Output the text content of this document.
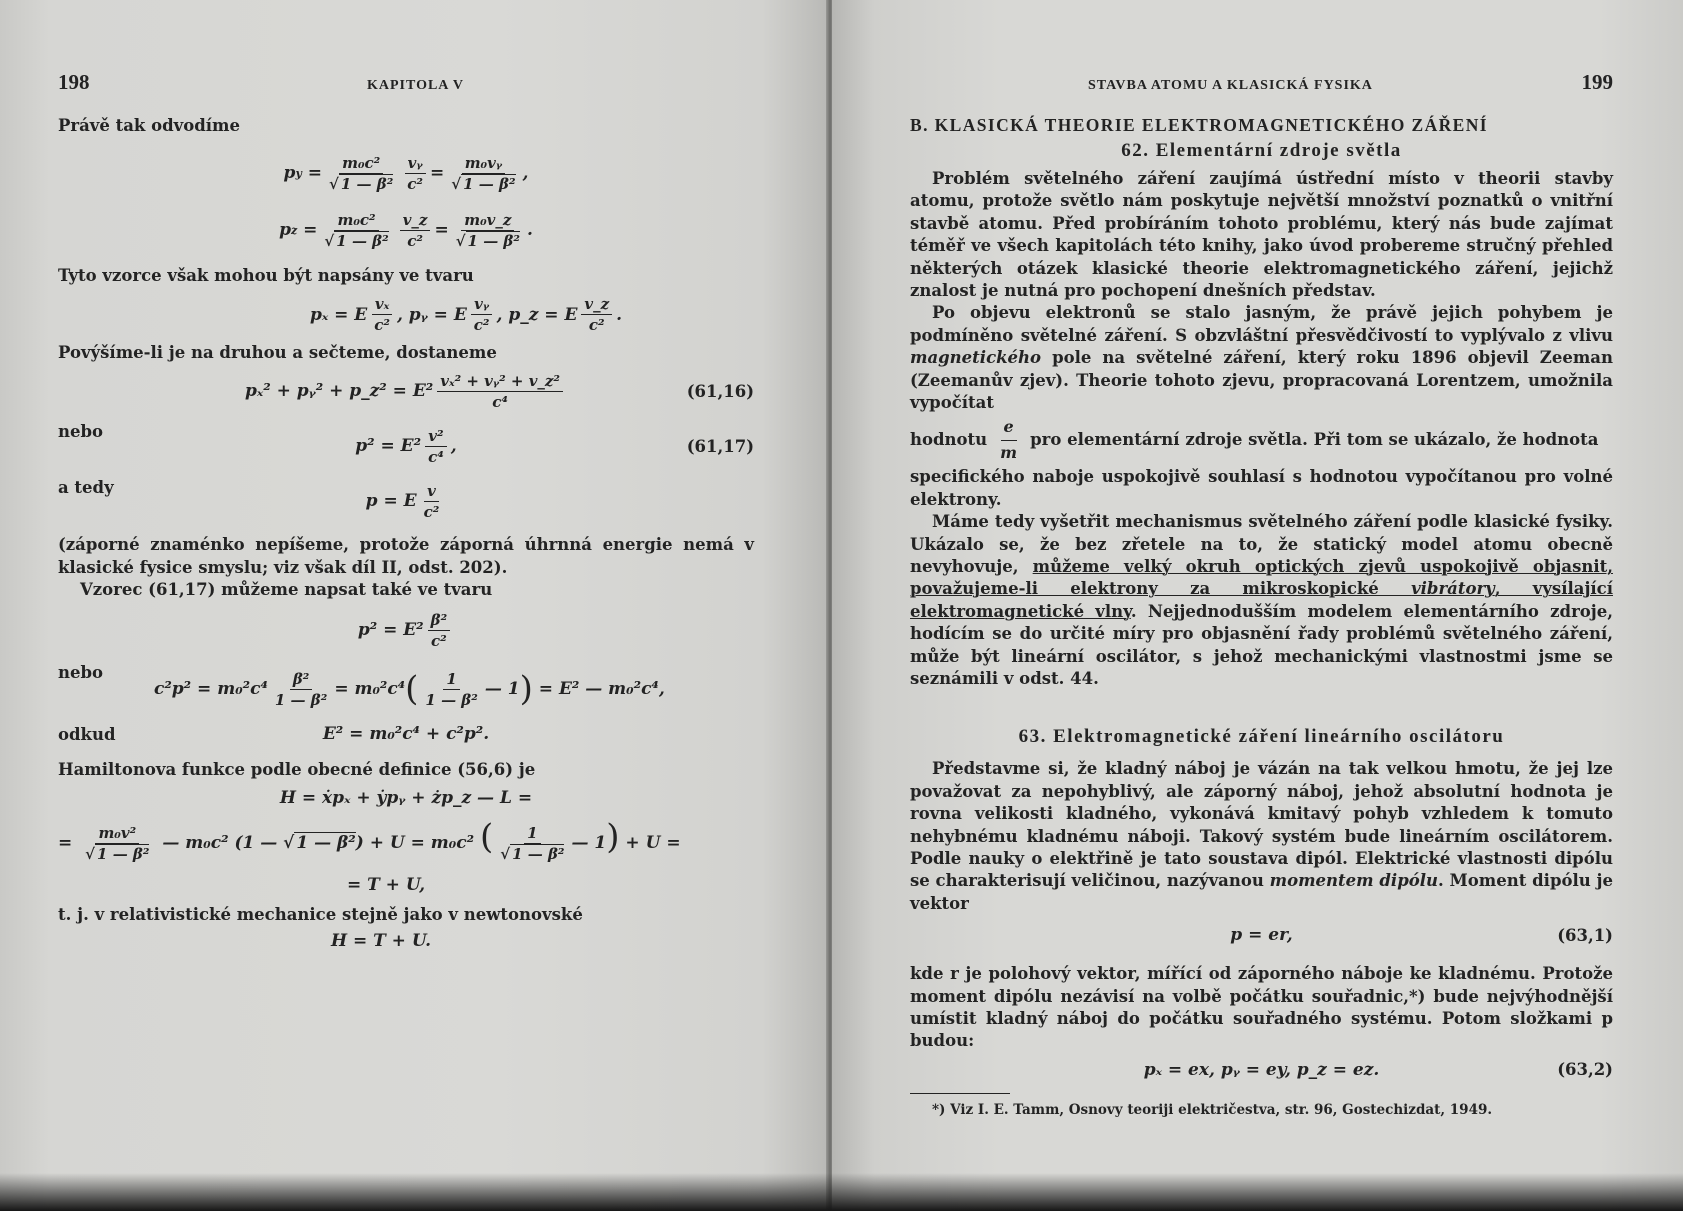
198	KAPITOLA V

Právě tak odvodíme

p $y = \frac{\text{m₀c²}}{\text{√ 1 — β²}} \frac{\text{vᵧ}}{\text{c²}} = \frac{\text{m₀vᵧ}}{\text{√ 1 — β²}}$ ,
p $z = \frac{\text{m₀c²}}{\text{√ 1 — β²}} \frac{v\_z}{\text{c²}} = \frac{\text{m₀v\_z}}{\text{√ 1 — β²}}$ .

Tyto vzorce však mohou být napsány ve tvaru

pₓ = E $\frac{\text{vₓ}}{\text{c²}}$ , pᵧ = E $\frac{\text{vᵧ}}{\text{c²}}$ , p_z = E $\frac{v\_z}{\text{c²}}$ .

Povýšíme-li je na druhou a sečteme, dostaneme

pₓ² + pᵧ² + p_z² = $E^2 \frac{\text{vₓ² + vᵧ² + v\_z²}}{\text{c⁴}}$	(61,16)
nebo
$p^2 = E^2 \frac{\text{v²}}{\text{c⁴}}$ ,	(61,17)
a tedy
p = E $\frac{v}{\text{c²}}$

(záporné znaménko nepíšeme, protože záporná úhrnná energie nemá v klasické fysice smyslu; viz však díl II, odst. 202).

Vzorec (61,17) můžeme napsat také ve tvaru

$p^2 = E^2 \frac{\text{β²}}{\text{c²}}$
nebo
$c^2p^2 = m_0^2c^4 \frac{\text{β²}}{\text{1 — β²}} = m_0^2c^4$ ( $\frac{1}{\text{1 — β²}}$ — 1 )
= E² — m₀²c⁴,
odkud	E² = m₀²c⁴ + c²p².

Hamiltonova funkce podle obecné definice (56,6) je

H = ẋpₓ + ẏpᵧ + żp_z — L =
= $\frac{\text{m₀v²}}{\text{√ 1 — β²}}$ — m₀c² (1 — √ 1 — β²) + U = m₀c² ( $\frac{1}{\text{√ 1 — β²}}$ — 1) + U =
= T + U,

t. j. v relativistické mechanice stejně jako v newtonovské

H = T + U.
STAVBA ATOMU A KLASICKÁ FYSIKA	199
B. KLASICKÁ THEORIE ELEKTROMAGNETICKÉHO ZÁŘENÍ
62. Elementární zdroje světla

Problém světelného záření zaujímá ústřední místo v theorii stavby atomu, protože světlo nám poskytuje největší množství poznatků o vnitřní stavbě atomu. Před probíráním tohoto problému, který nás bude zajímat téměř ve všech kapitolách této knihy, jako úvod probereme stručný přehled některých otázek klasické theorie elektromagnetického záření, jejichž znalost je nutná pro pochopení dnešních představ.

Po objevu elektronů se stalo jasným, že právě jejich pohybem je podmíněno světelné záření. S obzvláštní přesvědčivostí to vyplývalo z vlivu magnetického pole na světelné záření, který roku 1896 objevil Zeeman (Zeemanův zjev). Theorie tohoto zjevu, propracovaná Lorentzem, umožnila vypočítat

hodnotu $\frac{e}{m}$ pro elementární zdroje světla. Při tom se ukázalo, že hodnota

specifického naboje uspokojivě souhlasí s hodnotou vypočítanou pro volné elektrony.

Máme tedy vyšetřit mechanismus světelného záření podle klasické fysiky. Ukázalo se, že bez zřetele na to, že statický model atomu obecně nevyhovuje, můžeme velký okruh optických zjevů uspokojivě objasnit, považujeme-li elektrony za mikroskopické vibrátory, vysílající elektromagnetické vlny. Nejjednodušším modelem elementárního zdroje, hodícím se do určité míry pro objasnění řady problémů světelného záření, může být lineární oscilátor, s jehož mechanickými vlastnostmi jsme se seznámili v odst. 44.

63. Elektromagnetické záření lineárního oscilátoru

Představme si, že kladný náboj je vázán na tak velkou hmotu, že jej lze považovat za nepohyblivý, ale záporný náboj, jehož absolutní hodnota je rovna velikosti kladného, vykonává kmitavý pohyb vzhledem k tomuto nehybnému kladnému náboji. Takový systém bude lineárním oscilátorem. Podle nauky o elektřině je tato soustava dipól. Elektrické vlastnosti dipólu se charakterisují veličinou, nazývanou momentem dipólu. Moment dipólu je vektor

p = er,	(63,1)

kde r je polohový vektor, mířící od záporného náboje ke kladnému. Protože moment dipólu nezávisí na volbě počátku souřadnic,*) bude nejvýhodnější umístit kladný náboj do počátku souřadného systému. Potom složkami p budou:

pₓ = ex, pᵧ = ey, p_z = ez.	(63,2)
*) Viz I. E. Tamm, Osnovy teoriji električestva, str. 96, Gostechizdat, 1949.
